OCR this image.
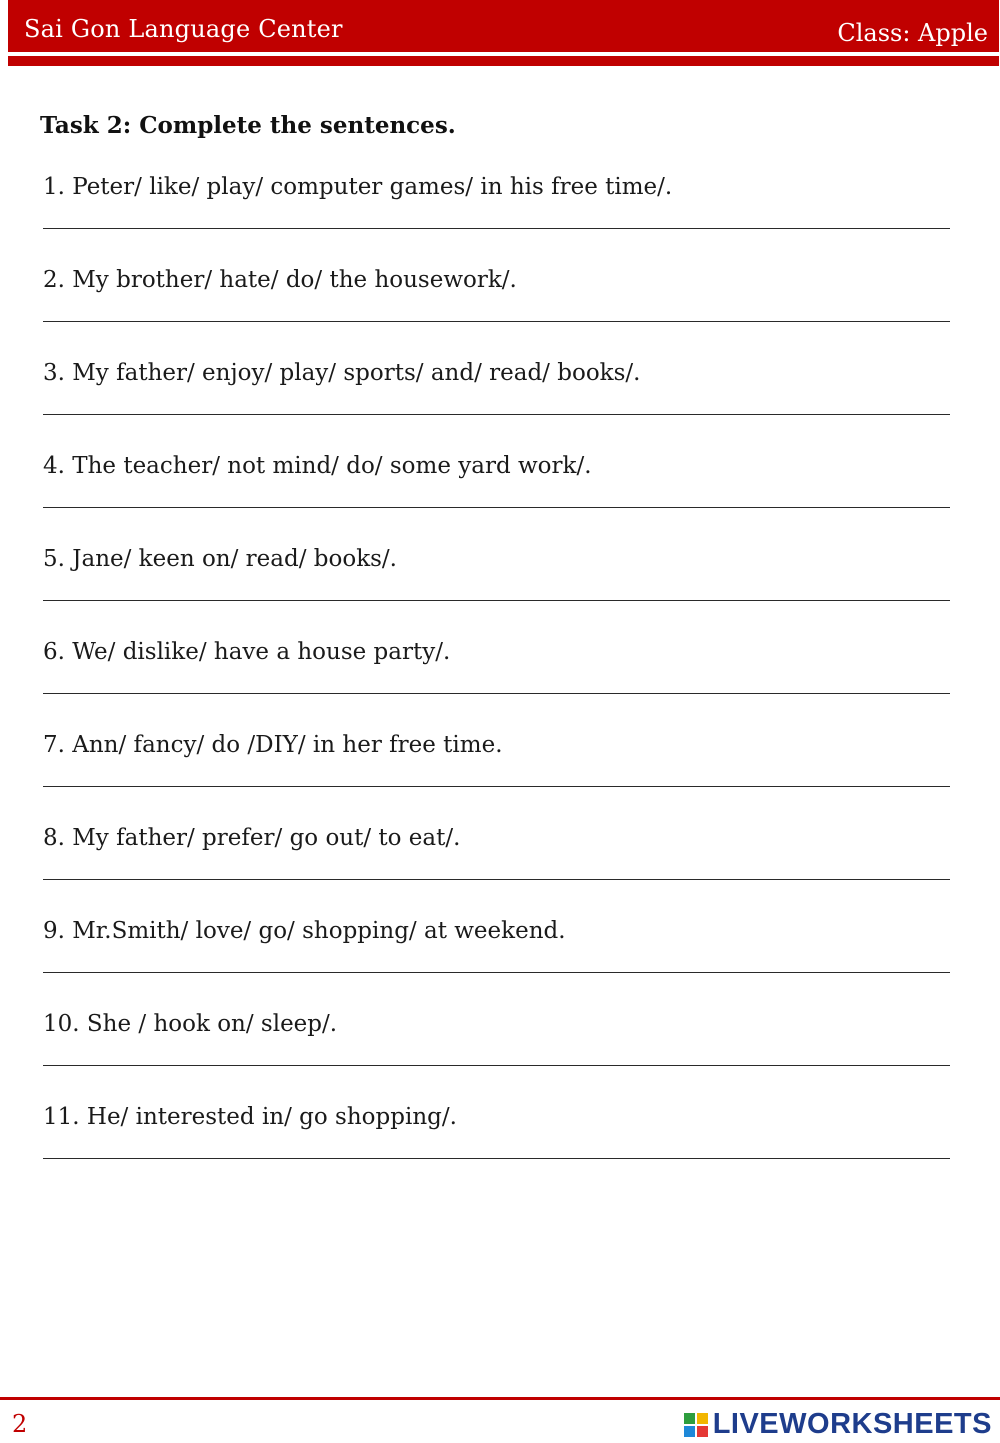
Sai Gon Language Center	Class: Apple
Task 2: Complete the sentences.
1. Peter/ like/ play/ computer games/ in his free time/.
2. My brother/ hate/ do/ the housework/.
3. My father/ enjoy/ play/ sports/ and/ read/ books/.
4. The teacher/ not mind/ do/ some yard work/.
5. Jane/ keen on/ read/ books/.
6. We/ dislike/ have a house party/.
7. Ann/ fancy/ do /DIY/ in her free time.
8. My father/ prefer/ go out/ to eat/.
9. Mr.Smith/ love/ go/ shopping/ at weekend.
10. She / hook on/ sleep/.
11. He/ interested in/ go shopping/.
2	LIVEWORKSHEETS
